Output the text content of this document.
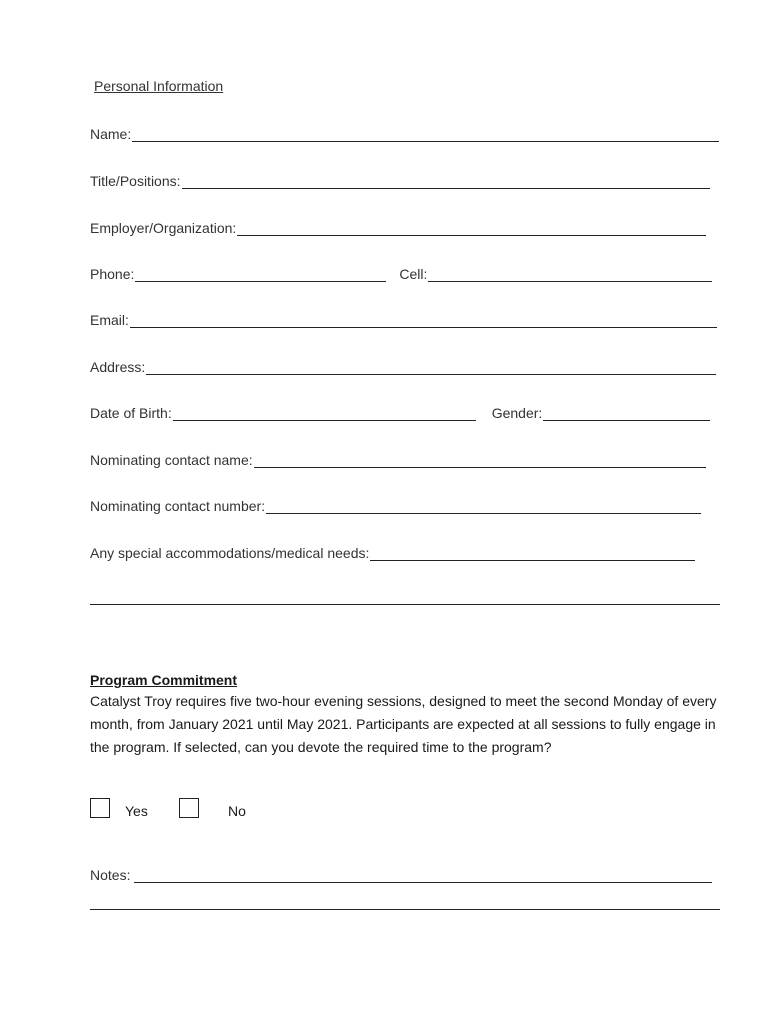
Personal Information
Name:
Title/Positions:
Employer/Organization:
Phone:	Cell:
Email:
Address:
Date of Birth:	Gender:
Nominating contact name:
Nominating contact number:
Any special accommodations/medical needs:
Program Commitment
Catalyst Troy requires five two-hour evening sessions, designed to meet the second Monday of every month, from January 2021 until May 2021. Participants are expected at all sessions to fully engage in the program. If selected, can you devote the required time to the program?
Yes	No
Notes:
